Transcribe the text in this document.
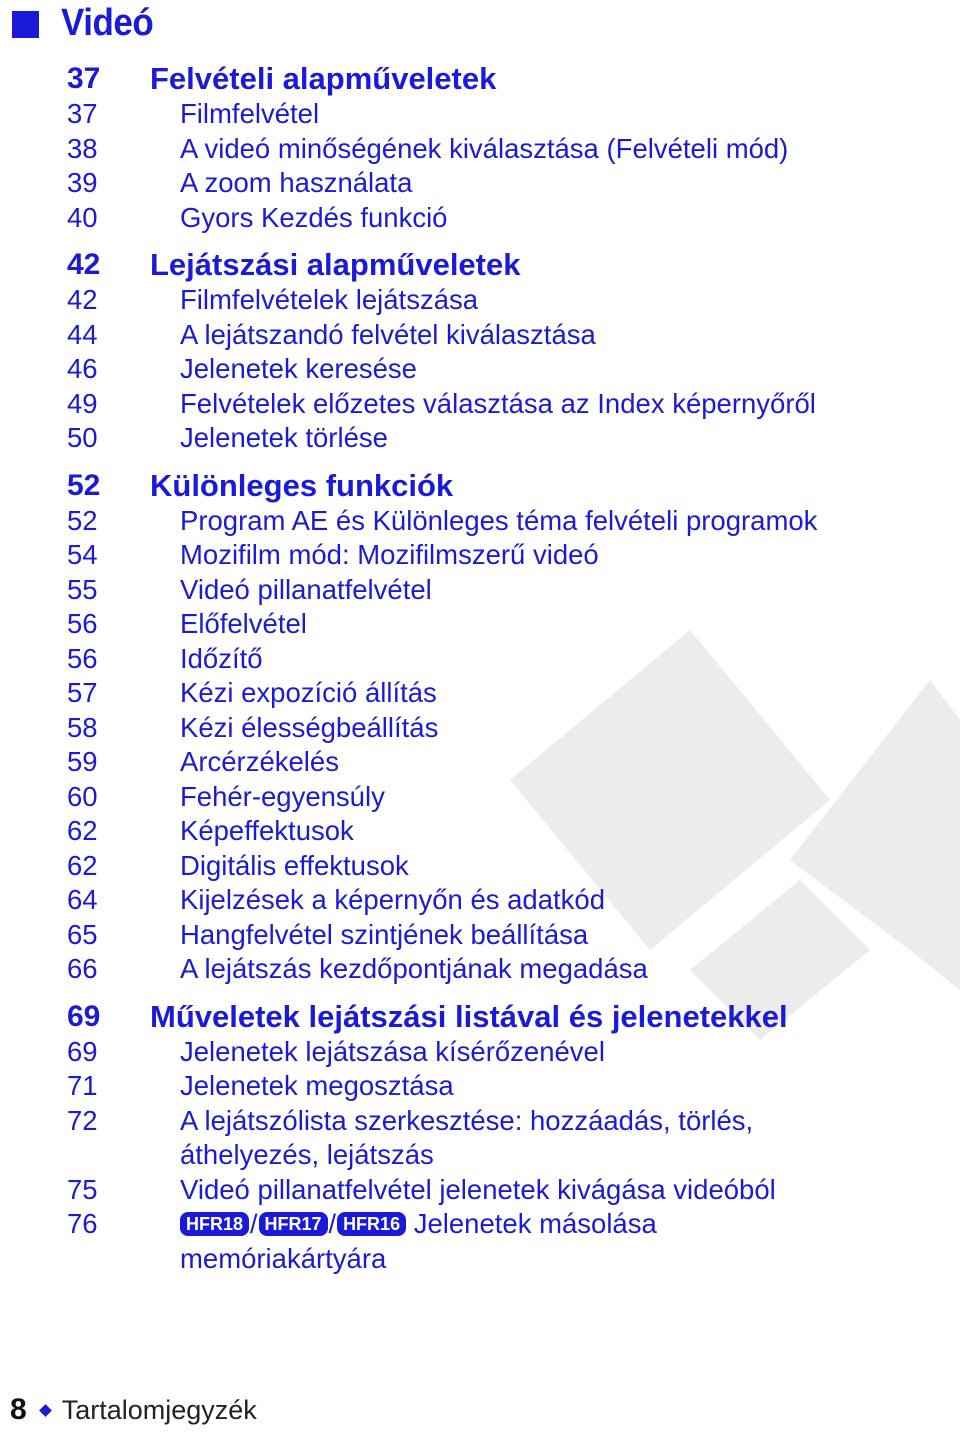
Videó
37 Felvételi alapműveletek
37	Filmfelvétel
38	A videó minőségének kiválasztása (Felvételi mód)
39	A zoom használata
40	Gyors Kezdés funkció
42 Lejátszási alapműveletek
42	Filmfelvételek lejátszása
44	A lejátszandó felvétel kiválasztása
46	Jelenetek keresése
49	Felvételek előzetes választása az Index képernyőről
50	Jelenetek törlése
52 Különleges funkciók
52	Program AE és Különleges téma felvételi programok
54	Mozifilm mód: Mozifilmszerű videó
55	Videó pillanatfelvétel
56	Előfelvétel
56	Időzítő
57	Kézi expozíció állítás
58	Kézi élességbeállítás
59	Arcérzékelés
60	Fehér-egyensúly
62	Képeffektusok
62	Digitális effektusok
64	Kijelzések a képernyőn és adatkód
65	Hangfelvétel szintjének beállítása
66	A lejátszás kezdőpontjának megadása
69 Műveletek lejátszási listával és jelenetekkel
69	Jelenetek lejátszása kísérőzenével
71	Jelenetek megosztása
72	A lejátszólista szerkesztése: hozzáadás, törlés,
áthelyezés, lejátszás
75	Videó pillanatfelvétel jelenetek kivágása videóból
76	HFR18 / HFR17 / HFR16 Jelenetek másolása
memóriakártyára
8 Tartalomjegyzék
